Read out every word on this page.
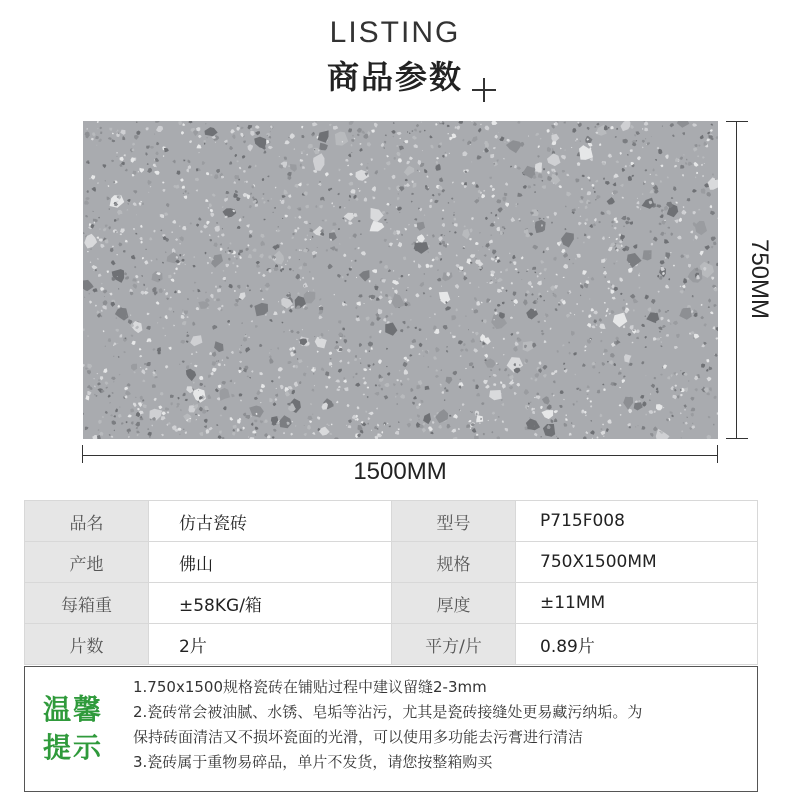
LISTING
商品参数
750MM
1500MM
品名	仿古瓷砖	型号	P715F008
产地	佛山	规格	750X1500MM
每箱重	±58KG/箱	厚度	±11MM
片数	2片	平方/片	0.89片
温馨
提示
1.750x1500规格瓷砖在铺贴过程中建议留缝2-3mm
2.瓷砖常会被油腻、水锈、皂垢等沾污，尤其是瓷砖接缝处更易藏污纳垢。为
保持砖面清洁又不损坏瓷面的光滑，可以使用多功能去污膏进行清洁
3.瓷砖属于重物易碎品，单片不发货，请您按整箱购买
